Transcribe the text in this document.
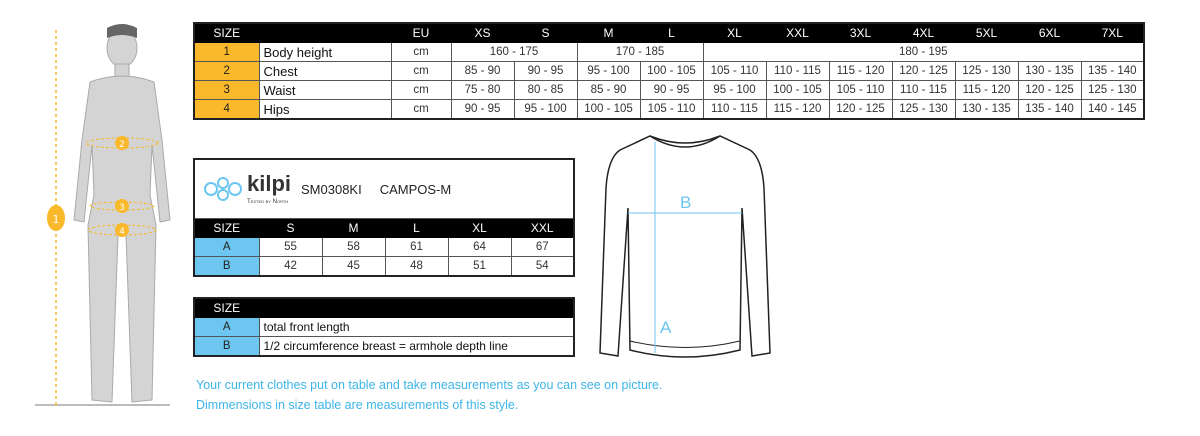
1
2
3
4
SIZE		EU	XS	S	M	L	XL	XXL	3XL	4XL	5XL	6XL	7XL
1	Body height	cm	160 - 175		170 - 185		180 - 195						
2	Chest	cm	85 - 90	90 - 95	95 - 100	100 - 105	105 - 110	110 - 115	115 - 120	120 - 125	125 - 130	130 - 135	135 - 140
3	Waist	cm	75 - 80	80 - 85	85 - 90	90 - 95	95 - 100	100 - 105	105 - 110	110 - 115	115 - 120	120 - 125	125 - 130
4	Hips	cm	90 - 95	95 - 100	100 - 105	105 - 110	110 - 115	115 - 120	120 - 125	125 - 130	130 - 135	135 - 140	140 - 145
kilpi
Tested by North
SM0308KI CAMPOS-M					

SIZE	S	M	L	XL	XXL
A	55	58	61	64	67
B	42	45	48	51	54
SIZE	
A	total front length
B	1/2 circumference breast = armhole depth line
B
A
Your current clothes put on table and take measurements as you can see on picture.
Dimmensions in size table are measurements of this style.
